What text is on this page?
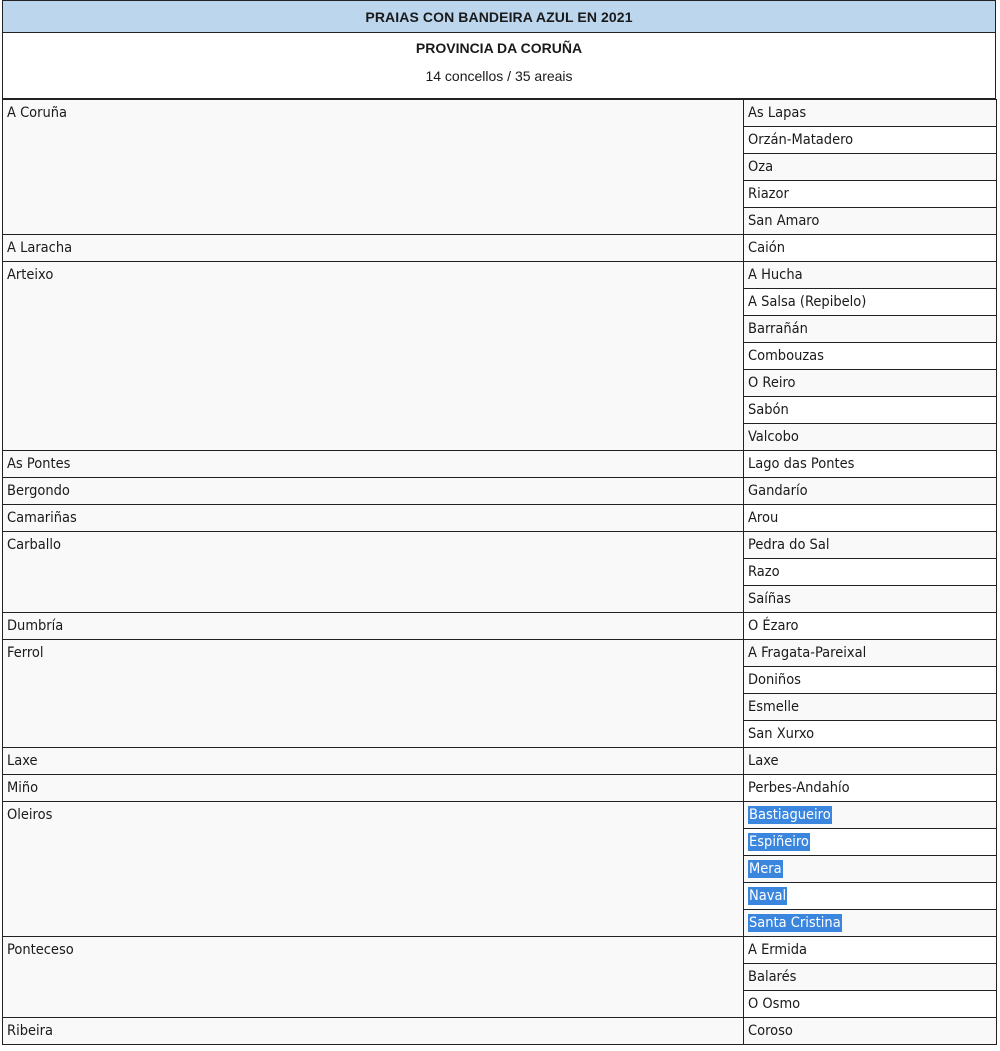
PRAIAS CON BANDEIRA AZUL EN 2021
PROVINCIA DA CORUÑA
14 concellos / 35 areais
A Coruña	As Lapas
	Orzán-Matadero
	Oza
	Riazor
	San Amaro
A Laracha	Caión
Arteixo	A Hucha
	A Salsa (Repibelo)
	Barrañán
	Combouzas
	O Reiro
	Sabón
	Valcobo
As Pontes	Lago das Pontes
Bergondo	Gandarío
Camariñas	Arou
Carballo	Pedra do Sal
	Razo
	Saíñas
Dumbría	O Ézaro
Ferrol	A Fragata-Pareixal
	Doniños
	Esmelle
	San Xurxo
Laxe	Laxe
Miño	Perbes-Andahío
Oleiros	Bastiagueiro
	Espiñeiro
	Mera
	Naval
	Santa Cristina
Ponteceso	A Ermida
	Balarés
	O Osmo
Ribeira	Coroso
